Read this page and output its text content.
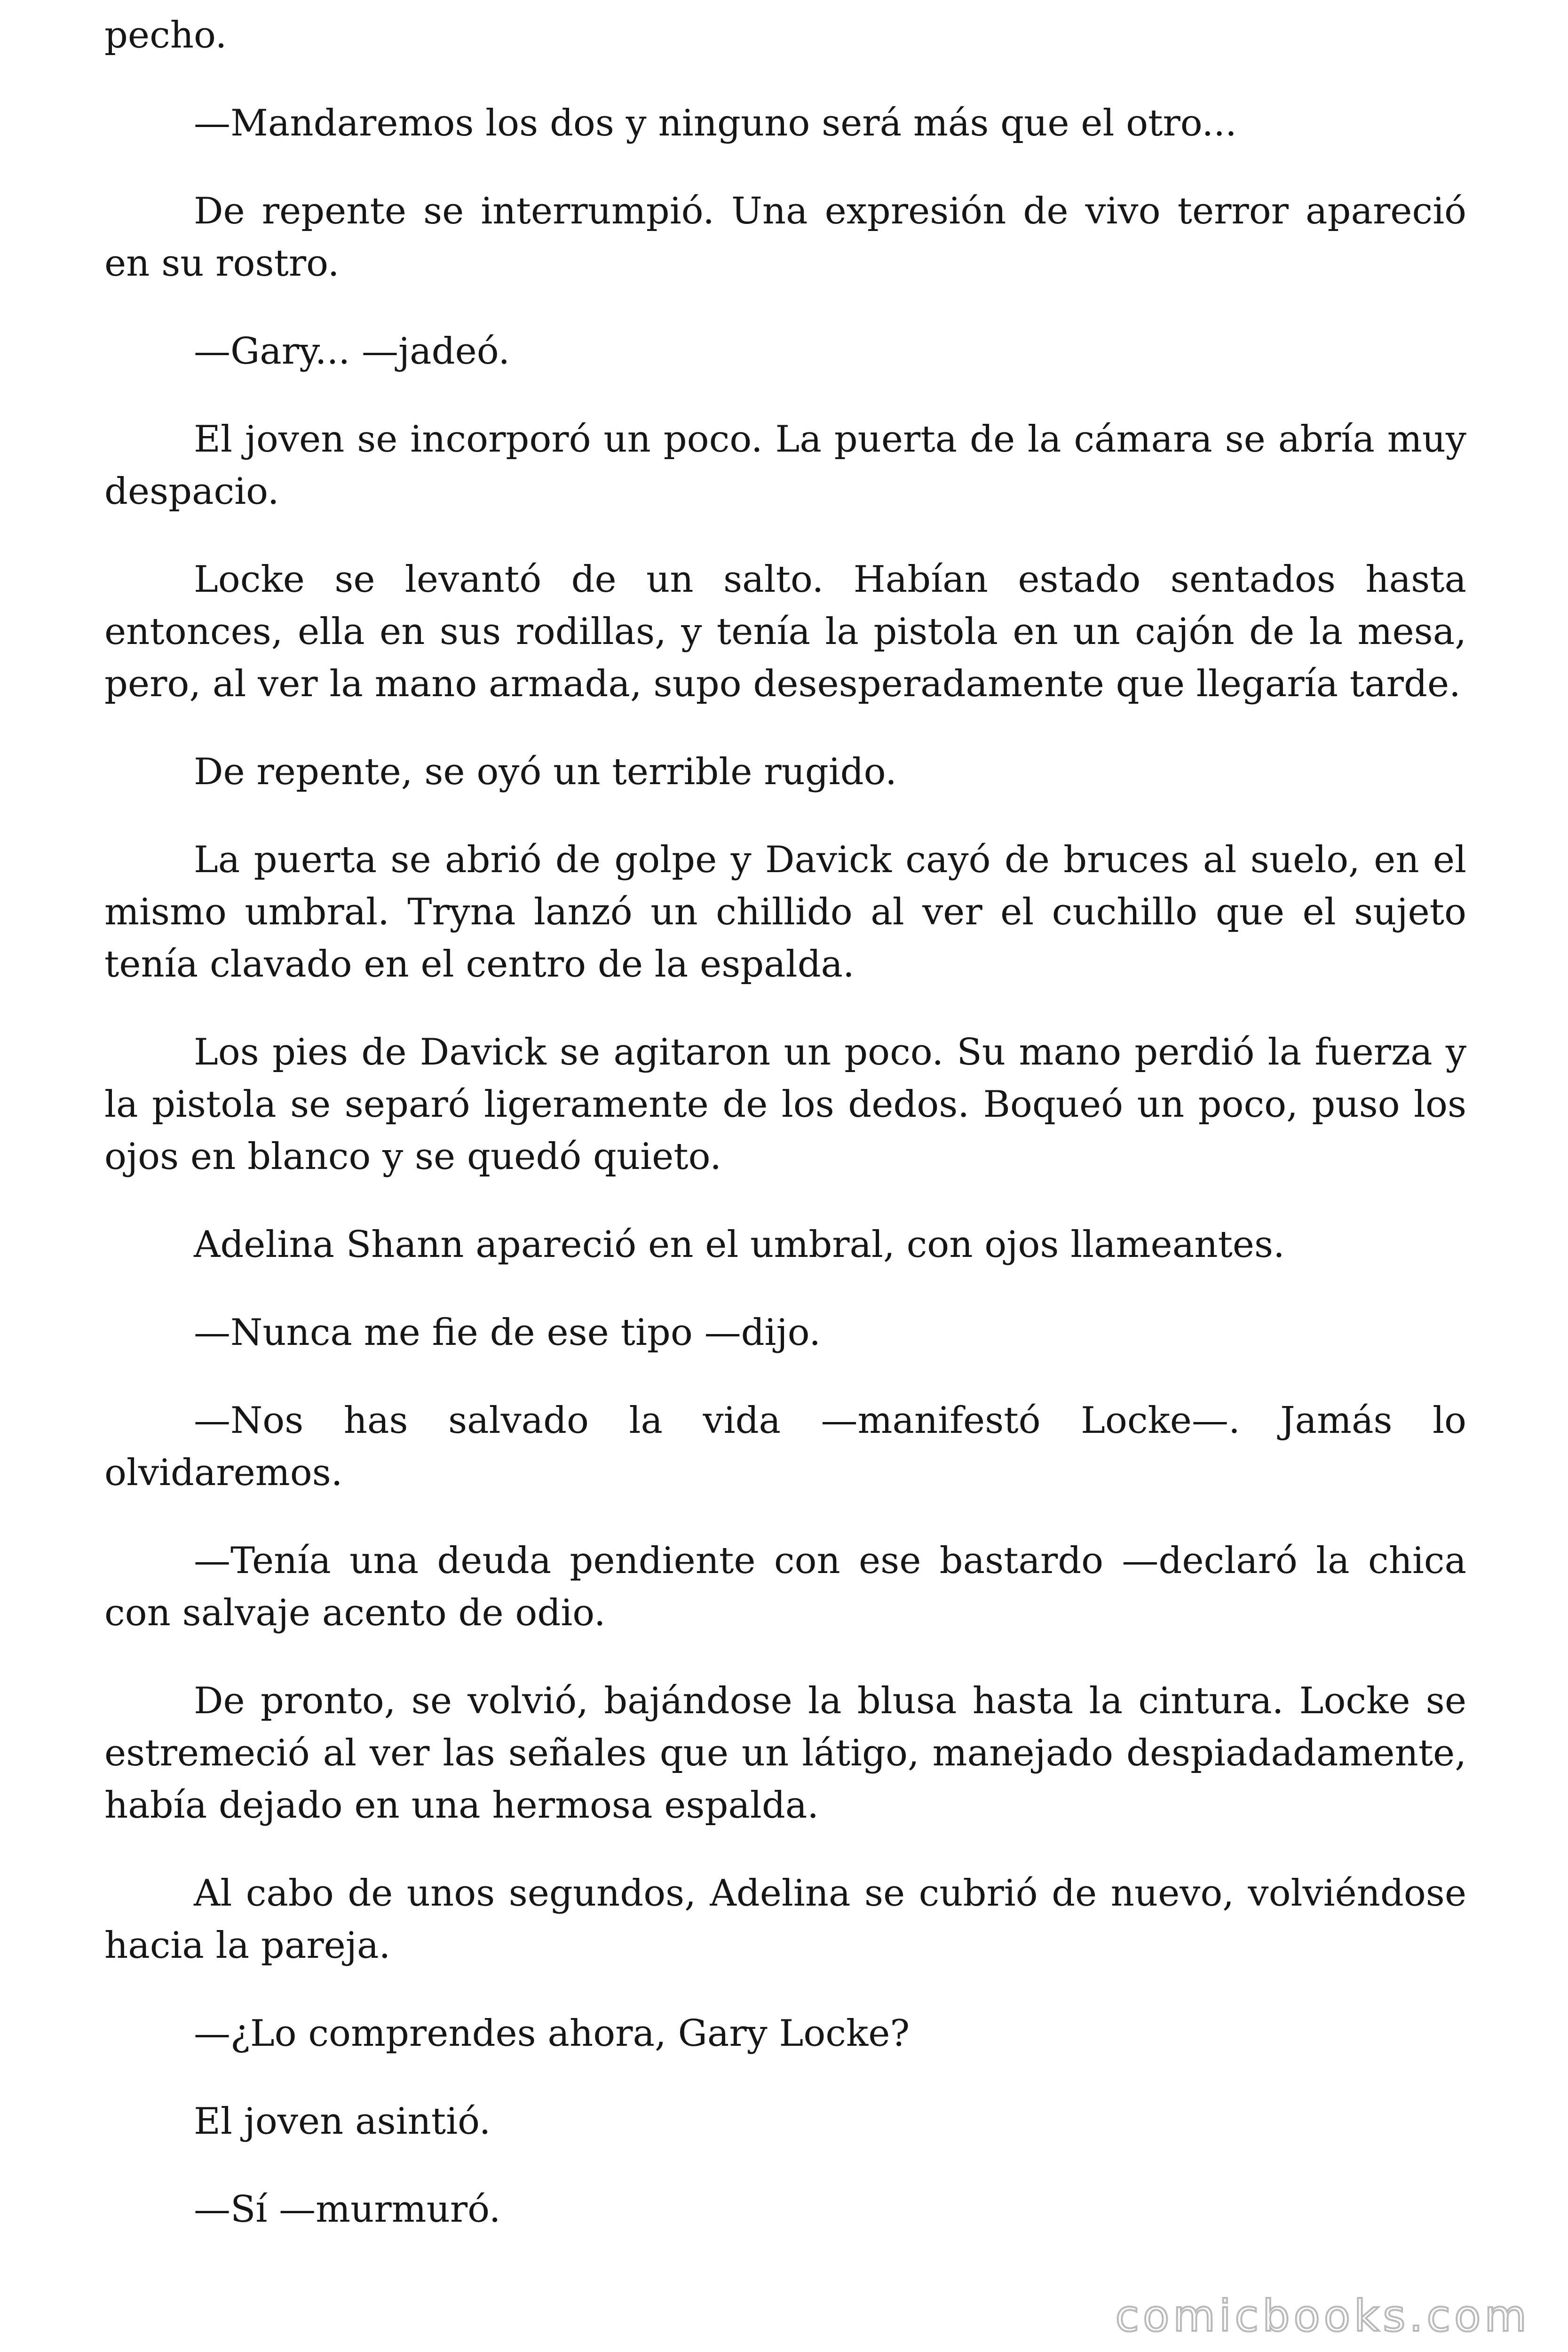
pecho.

—Mandaremos los dos y ninguno será más que el otro...

De repente se interrumpió. Una expresión de vivo terror apareció en su rostro.

—Gary... —jadeó.

El joven se incorporó un poco. La puerta de la cámara se abría muy despacio.

Locke se levantó de un salto. Habían estado sentados hasta entonces, ella en sus rodillas, y tenía la pistola en un cajón de la mesa, pero, al ver la mano armada, supo desesperadamente que llegaría tarde.

De repente, se oyó un terrible rugido.

La puerta se abrió de golpe y Davick cayó de bruces al suelo, en el mismo umbral. Tryna lanzó un chillido al ver el cuchillo que el sujeto tenía clavado en el centro de la espalda.

Los pies de Davick se agitaron un poco. Su mano perdió la fuerza y la pistola se separó ligeramente de los dedos. Boqueó un poco, puso los ojos en blanco y se quedó quieto.

Adelina Shann apareció en el umbral, con ojos llameantes.

—Nunca me fie de ese tipo —dijo.

—Nos has salvado la vida —manifestó Locke—. Jamás lo olvidaremos.

—Tenía una deuda pendiente con ese bastardo —declaró la chica con salvaje acento de odio.

De pronto, se volvió, bajándose la blusa hasta la cintura. Locke se estremeció al ver las señales que un látigo, manejado despiadadamente, había dejado en una hermosa espalda.

Al cabo de unos segundos, Adelina se cubrió de nuevo, volviéndose hacia la pareja.

—¿Lo comprendes ahora, Gary Locke?

El joven asintió.

—Sí —murmuró.

comicbooks.com
